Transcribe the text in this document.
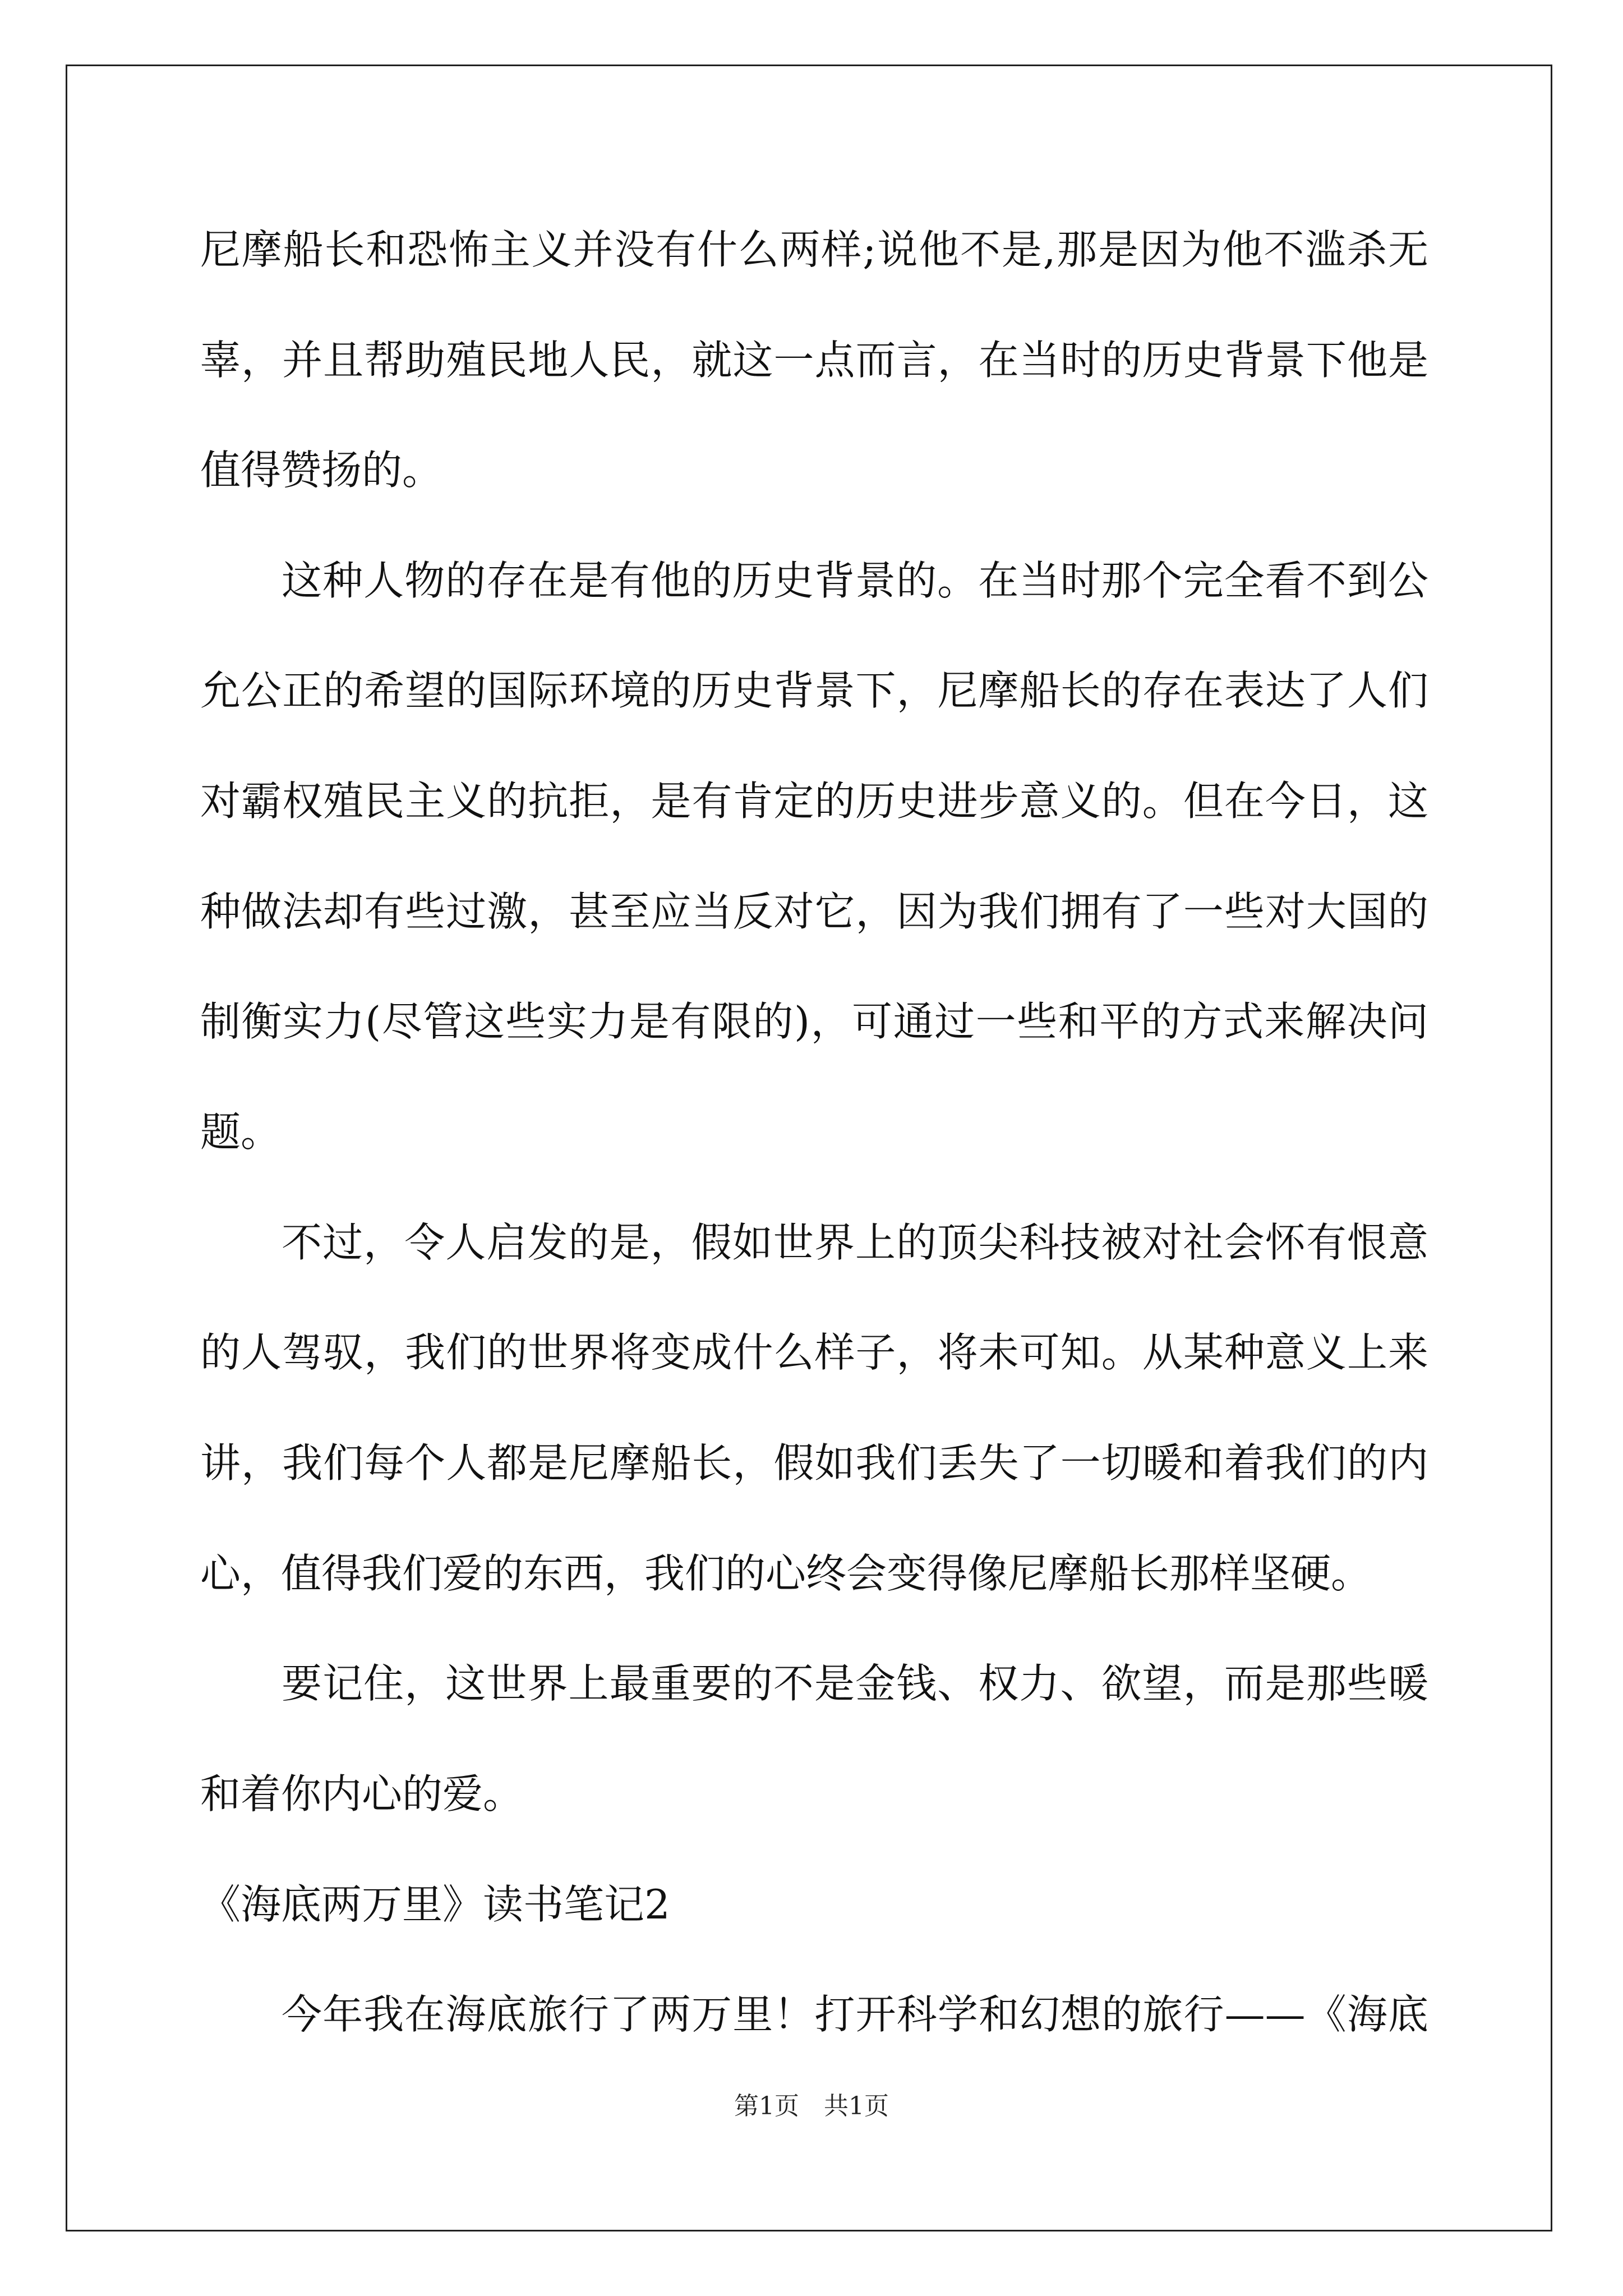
尼摩船长和恐怖主义并没有什么两样;说他不是,那是因为他不滥杀无
辜，并且帮助殖民地人民，就这一点而言，在当时的历史背景下他是
值得赞扬的。
这种人物的存在是有他的历史背景的。在当时那个完全看不到公
允公正的希望的国际环境的历史背景下，尼摩船长的存在表达了人们
对霸权殖民主义的抗拒，是有肯定的历史进步意义的。但在今日，这
种做法却有些过激，甚至应当反对它，因为我们拥有了一些对大国的
制衡实力(尽管这些实力是有限的)，可通过一些和平的方式来解决问
题。
不过，令人启发的是，假如世界上的顶尖科技被对社会怀有恨意
的人驾驭，我们的世界将变成什么样子，将未可知。从某种意义上来
讲，我们每个人都是尼摩船长，假如我们丢失了一切暖和着我们的内
心，值得我们爱的东西，我们的心终会变得像尼摩船长那样坚硬。
要记住，这世界上最重要的不是金钱、权力、欲望，而是那些暖
和着你内心的爱。
《海底两万里》读书笔记2
今年我在海底旅行了两万里！打开科学和幻想的旅行——《海底
第1页　共1页
